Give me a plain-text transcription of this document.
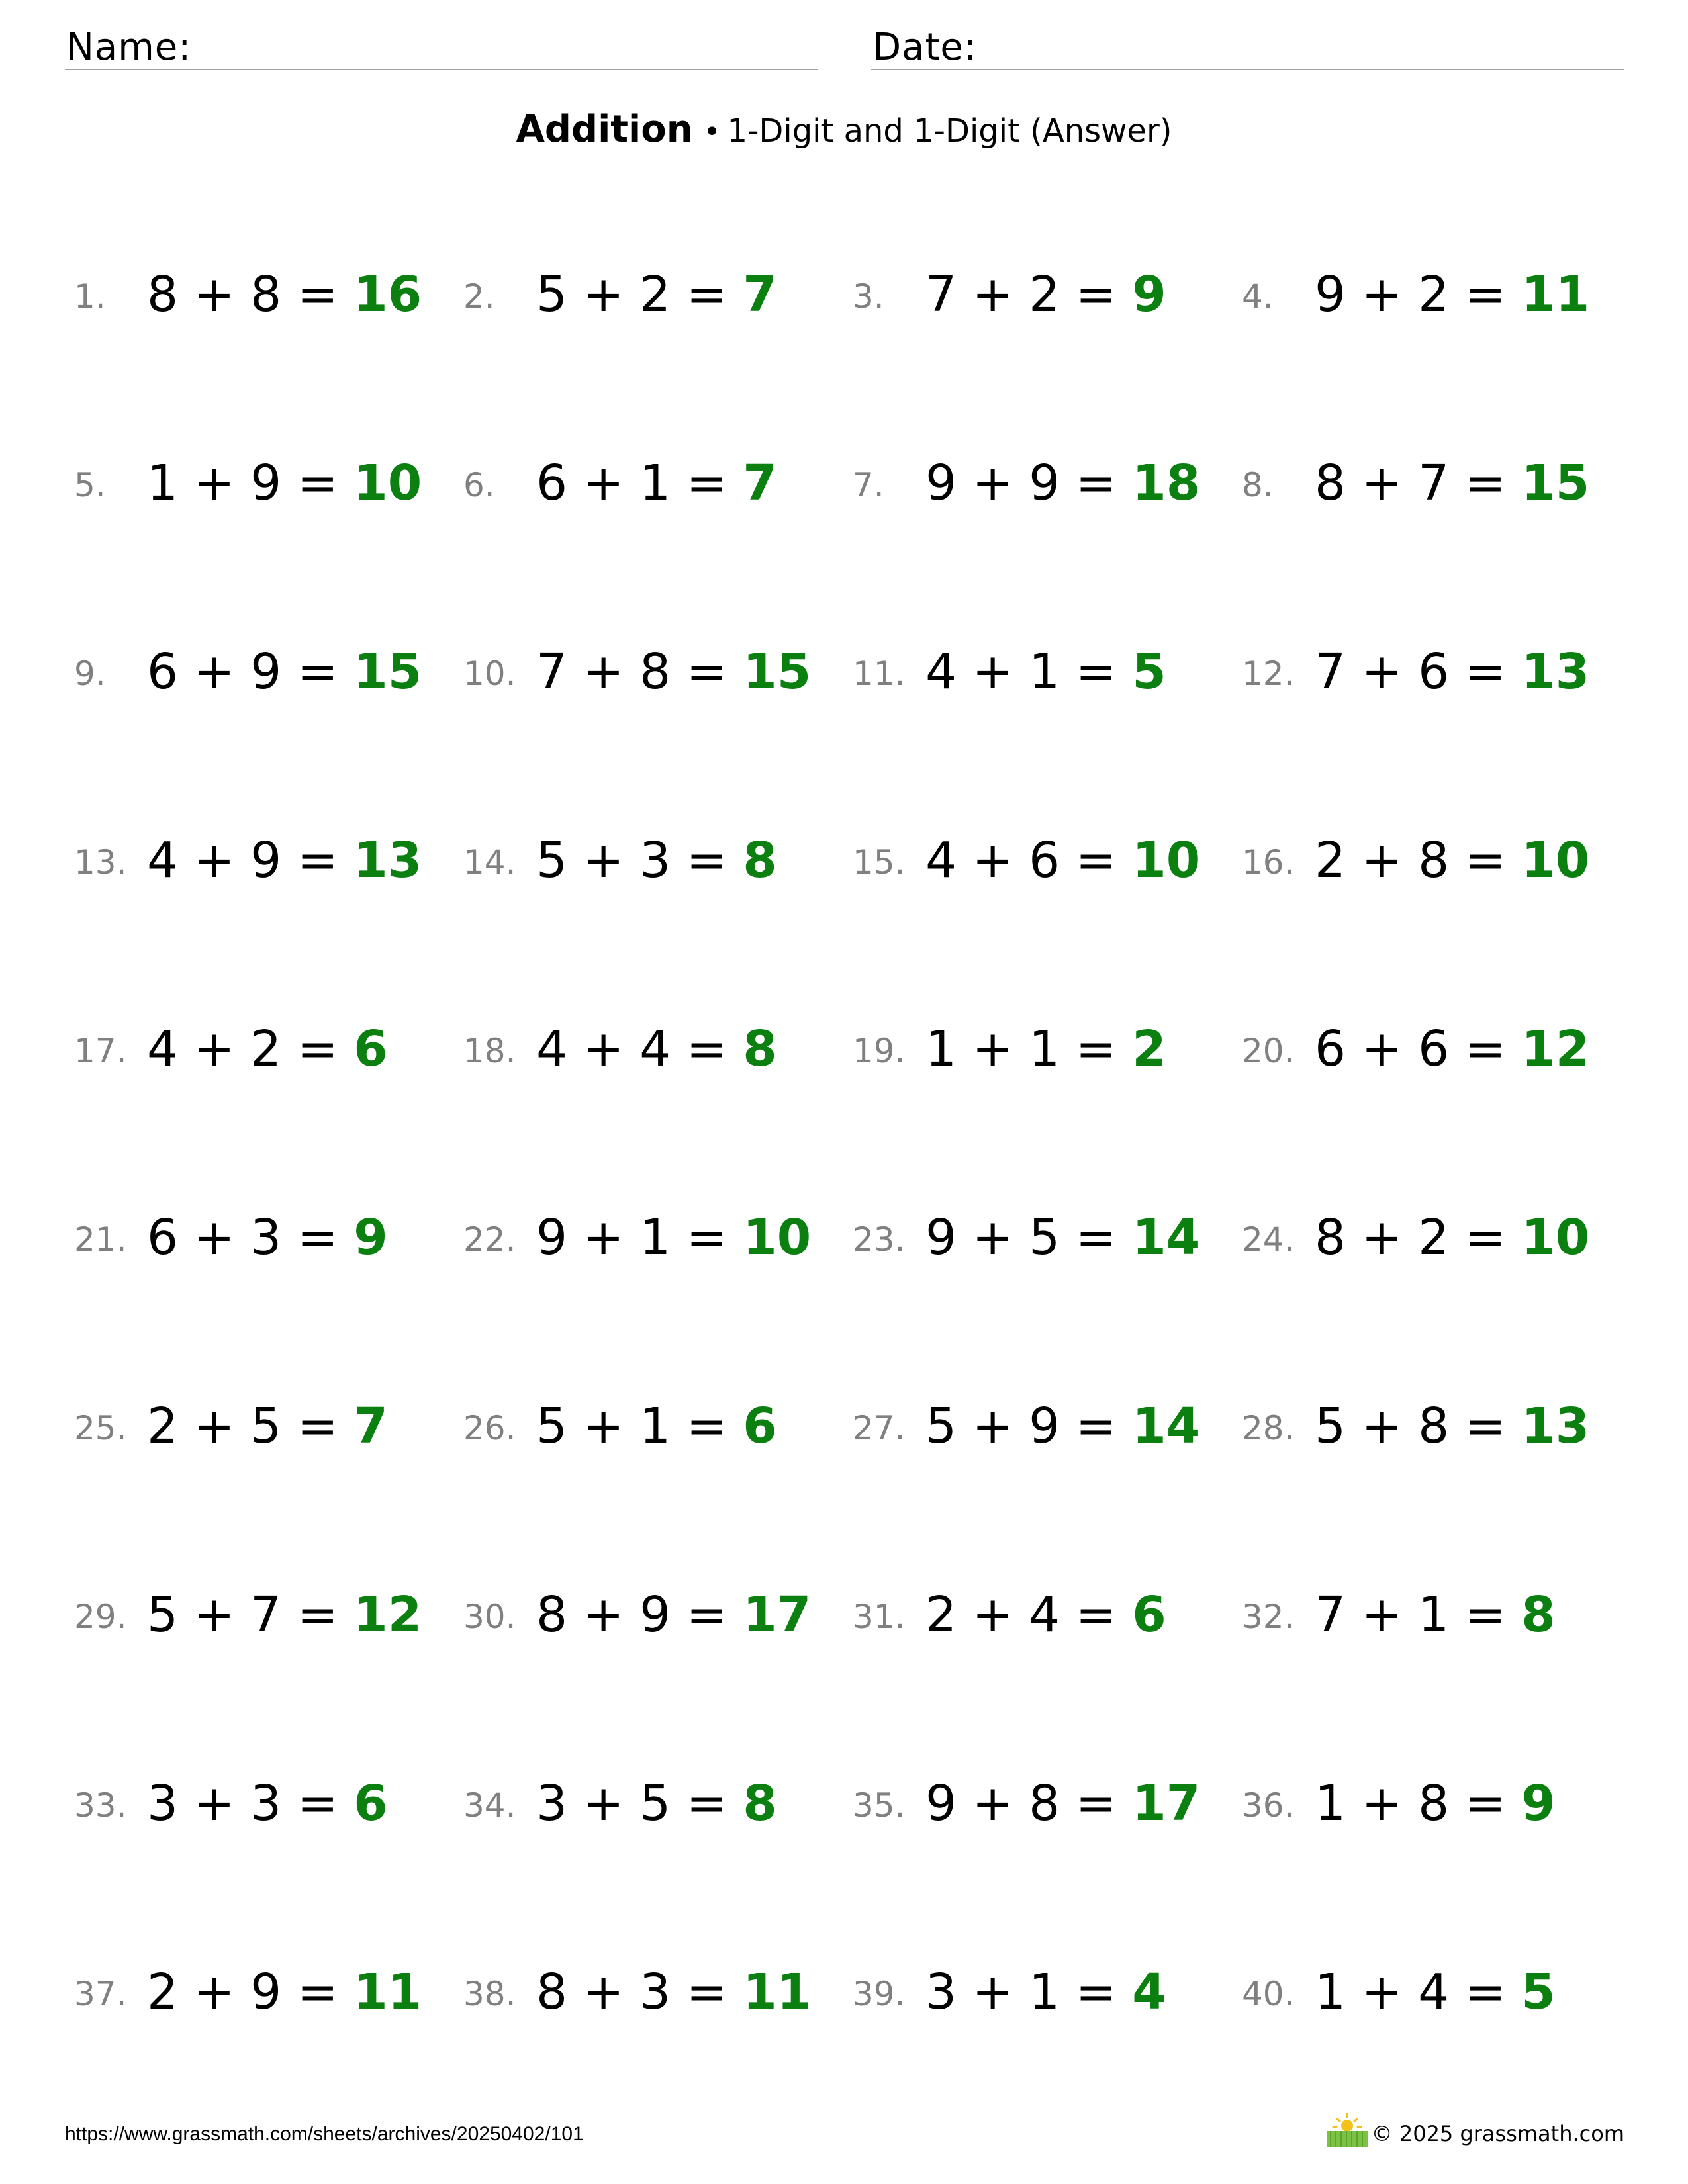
Name:	Date:
Addition • 1-Digit and 1-Digit (Answer)
1. 8 + 8 = 16 2. 5 + 2 = 7 3. 7 + 2 = 9 4. 9 + 2 = 11
5. 1 + 9 = 10 6. 6 + 1 = 7 7. 9 + 9 = 18 8. 8 + 7 = 15
9. 6 + 9 = 15 10. 7 + 8 = 15 11. 4 + 1 = 5 12. 7 + 6 = 13
13. 4 + 9 = 13 14. 5 + 3 = 8 15. 4 + 6 = 10 16. 2 + 8 = 10
17. 4 + 2 = 6 18. 4 + 4 = 8 19. 1 + 1 = 2 20. 6 + 6 = 12
21. 6 + 3 = 9 22. 9 + 1 = 10 23. 9 + 5 = 14 24. 8 + 2 = 10
25. 2 + 5 = 7 26. 5 + 1 = 6 27. 5 + 9 = 14 28. 5 + 8 = 13
29. 5 + 7 = 12 30. 8 + 9 = 17 31. 2 + 4 = 6 32. 7 + 1 = 8
33. 3 + 3 = 6 34. 3 + 5 = 8 35. 9 + 8 = 17 36. 1 + 8 = 9
37. 2 + 9 = 11 38. 8 + 3 = 11 39. 3 + 1 = 4 40. 1 + 4 = 5
https://www.grassmath.com/sheets/archives/20250402/101	© 2025 grassmath.com
